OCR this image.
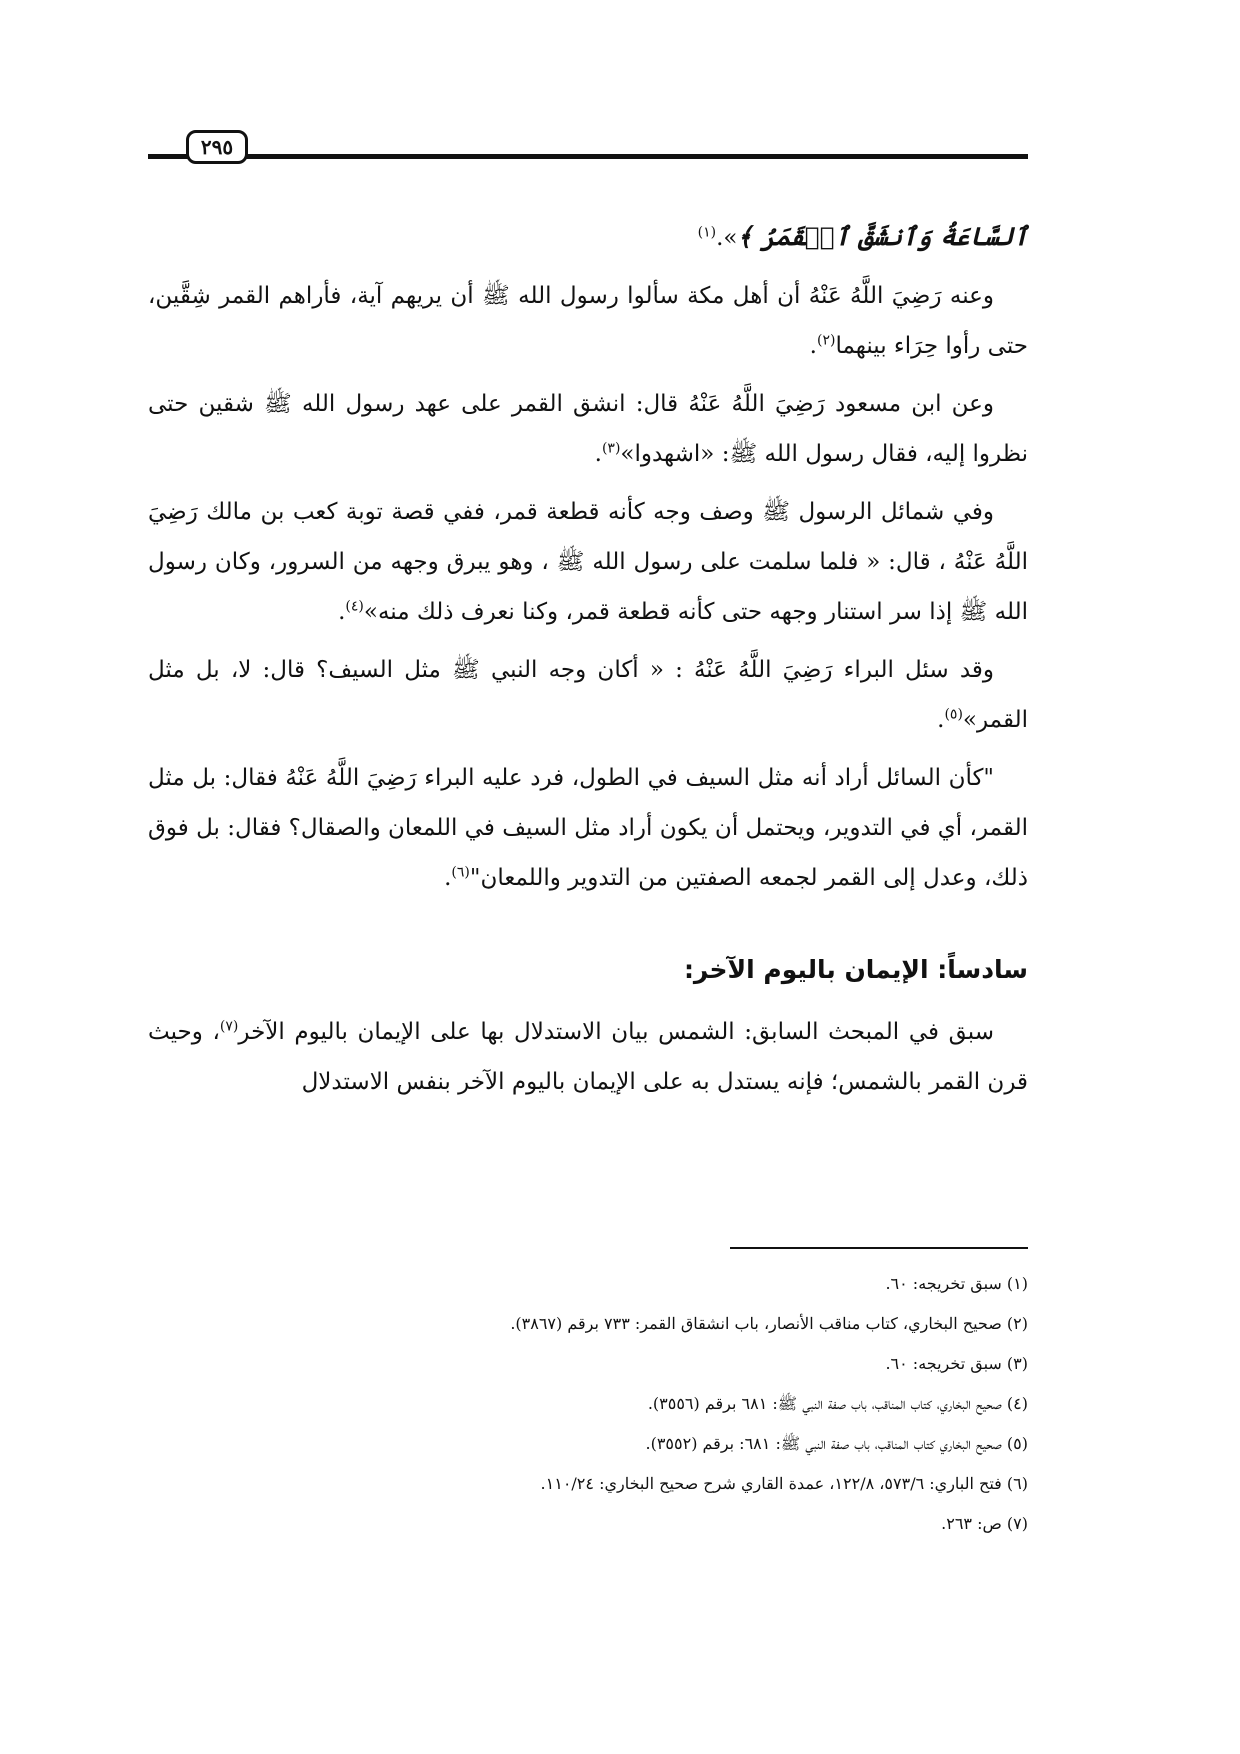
٢٩٥

ٱلسَّاعَةُ وَٱنشَقَّ ٱلۡقَمَرُ ﴾».$^{(١)}$

وعنه رَضِيَ اللَّهُ عَنْهُ أن أهل مكة سألوا رسول الله ﷺ أن يريهم آية، فأراهم القمر شِقَّين، حتى رأوا حِرَاء بينهما$^{(٢)}$.

وعن ابن مسعود رَضِيَ اللَّهُ عَنْهُ قال: انشق القمر على عهد رسول الله ﷺ شقين حتى نظروا إليه، فقال رسول الله ﷺ: «اشهدوا»$^{(٣)}$.

وفي شمائل الرسول ﷺ وصف وجه كأنه قطعة قمر، ففي قصة توبة كعب بن مالك رَضِيَ اللَّهُ عَنْهُ ، قال: « فلما سلمت على رسول الله ﷺ ، وهو يبرق وجهه من السرور، وكان رسول الله ﷺ إذا سر استنار وجهه حتى كأنه قطعة قمر، وكنا نعرف ذلك منه»$^{(٤)}$.

وقد سئل البراء رَضِيَ اللَّهُ عَنْهُ : « أكان وجه النبي ﷺ مثل السيف؟ قال: لا، بل مثل القمر»$^{(٥)}$.

"كأن السائل أراد أنه مثل السيف في الطول، فرد عليه البراء رَضِيَ اللَّهُ عَنْهُ فقال: بل مثل القمر، أي في التدوير، ويحتمل أن يكون أراد مثل السيف في اللمعان والصقال؟ فقال: بل فوق ذلك، وعدل إلى القمر لجمعه الصفتين من التدوير واللمعان"$^{(٦)}$.

سادساً: الإيمان باليوم الآخر:

سبق في المبحث السابق: الشمس بيان الاستدلال بها على الإيمان باليوم الآخر$^{(٧)}$، وحيث قرن القمر بالشمس؛ فإنه يستدل به على الإيمان باليوم الآخر بنفس الاستدلال

(١) سبق تخريجه: ٦٠.
(٢) صحيح البخاري، كتاب مناقب الأنصار، باب انشقاق القمر: ٧٣٣ برقم (٣٨٦٧).
(٣) سبق تخريجه: ٦٠.
(٤) صحيح البخاري، كتاب المناقب، باب صفة النبي ﷺ: ٦٨١ برقم (٣٥٥٦).
(٥) صحيح البخاري كتاب المناقب، باب صفة النبي ﷺ: ٦٨١: برقم (٣٥٥٢).
(٦) فتح الباري: ٥٧٣/٦، ١٢٢/٨، عمدة القاري شرح صحيح البخاري: ١١٠/٢٤.
(٧) ص: ٢٦٣.
